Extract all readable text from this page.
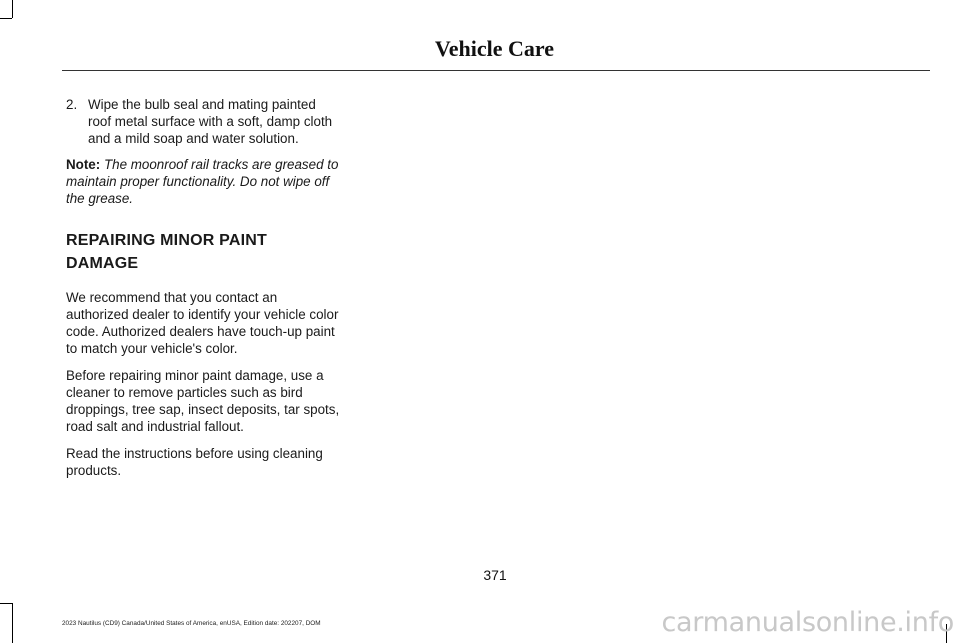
Vehicle Care
2. Wipe the bulb seal and mating painted roof metal surface with a soft, damp cloth and a mild soap and water solution.

Note: The moonroof rail tracks are greased to maintain proper functionality. Do not wipe off the grease.

REPAIRING MINOR PAINT
DAMAGE

We recommend that you contact an authorized dealer to identify your vehicle color code. Authorized dealers have touch-up paint to match your vehicle's color.

Before repairing minor paint damage, use a cleaner to remove particles such as bird droppings, tree sap, insect deposits, tar spots, road salt and industrial fallout.

Read the instructions before using cleaning products.

371
2023 Nautilus (CD9) Canada/United States of America, enUSA, Edition date: 202207, DOM	carmanualsonline.info
